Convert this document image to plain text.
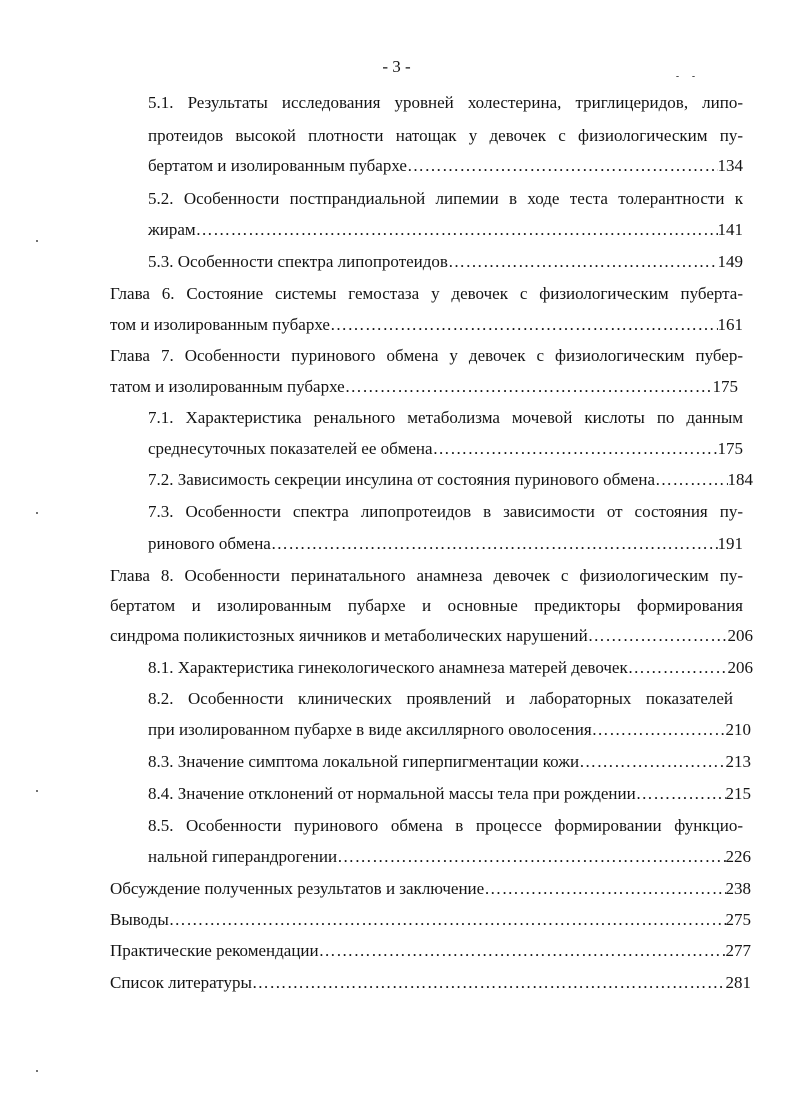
- 3 -
5.1. Результаты исследования уровней холестерина, триглицеридов, липо-
протеидов высокой плотности натощак у девочек с физиологическим пу-
бертатом и изолированным пубархе …………………………………………………………………………………………………………………………………………………………	134
5.2. Особенности постпрандиальной липемии в ходе теста толерантности к
жирам …………………………………………………………………………………………………………………………………………………………	141
5.3. Особенности спектра липопротеидов …………………………………………………………………………………………………………………………………………………………	149
Глава 6. Состояние системы гемостаза у девочек с физиологическим пуберта-
том и изолированным пубархе …………………………………………………………………………………………………………………………………………………………	161
Глава 7. Особенности пуринового обмена у девочек с физиологическим пубер-
татом и изолированным пубархе …………………………………………………………………………………………………………………………………………………………	175
7.1. Характеристика ренального метаболизма мочевой кислоты по данным
среднесуточных показателей ее обмена …………………………………………………………………………………………………………………………………………………………	175
7.2. Зависимость секреции инсулина от состояния пуринового обмена …………………………………………………………………………………………………………………………………………………………	184
7.3. Особенности спектра липопротеидов в зависимости от состояния пу-
ринового обмена …………………………………………………………………………………………………………………………………………………………	191
Глава 8. Особенности перинатального анамнеза девочек с физиологическим пу-
бертатом и изолированным пубархе и основные предикторы формирования
синдрома поликистозных яичников и метаболических нарушений …………………………………………………………………………………………………………………………………………………………	206
8.1. Характеристика гинекологического анамнеза матерей девочек …………………………………………………………………………………………………………………………………………………………	206
8.2. Особенности клинических проявлений и лабораторных показателей
при изолированном пубархе в виде аксиллярного оволосения …………………………………………………………………………………………………………………………………………………………	210
8.3. Значение симптома локальной гиперпигментации кожи …………………………………………………………………………………………………………………………………………………………	213
8.4. Значение отклонений от нормальной массы тела при рождении …………………………………………………………………………………………………………………………………………………………	215
8.5. Особенности пуринового обмена в процессе формировании функцио-
нальной гиперандрогении …………………………………………………………………………………………………………………………………………………………	226
Обсуждение полученных результатов и заключение …………………………………………………………………………………………………………………………………………………………	238
Выводы …………………………………………………………………………………………………………………………………………………………	275
Практические рекомендации …………………………………………………………………………………………………………………………………………………………	277
Список литературы …………………………………………………………………………………………………………………………………………………………	281
